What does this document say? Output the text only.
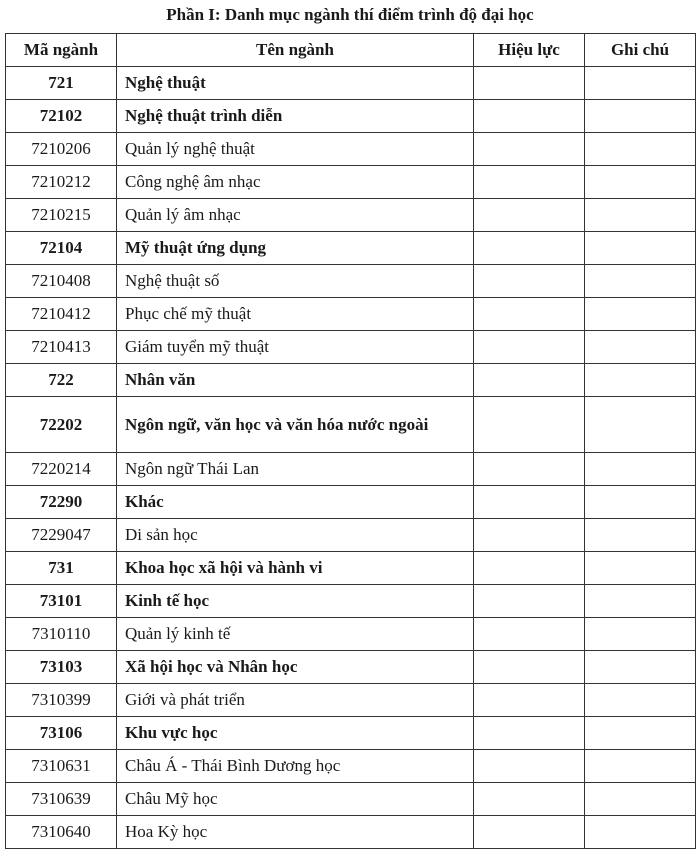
Phần I: Danh mục ngành thí điểm trình độ đại học
Mã ngành	Tên ngành	Hiệu lực	Ghi chú
721	Nghệ thuật		
72102	Nghệ thuật trình diễn		
7210206	Quản lý nghệ thuật		
7210212	Công nghệ âm nhạc		
7210215	Quản lý âm nhạc		
72104	Mỹ thuật ứng dụng		
7210408	Nghệ thuật số		
7210412	Phục chế mỹ thuật		
7210413	Giám tuyển mỹ thuật		
722	Nhân văn		
72202	Ngôn ngữ, văn học và văn hóa nước ngoài		
7220214	Ngôn ngữ Thái Lan		
72290	Khác		
7229047	Di sản học		
731	Khoa học xã hội và hành vi		
73101	Kinh tế học		
7310110	Quản lý kinh tế		
73103	Xã hội học và Nhân học		
7310399	Giới và phát triển		
73106	Khu vực học		
7310631	Châu Á - Thái Bình Dương học		
7310639	Châu Mỹ học		
7310640	Hoa Kỳ học		
